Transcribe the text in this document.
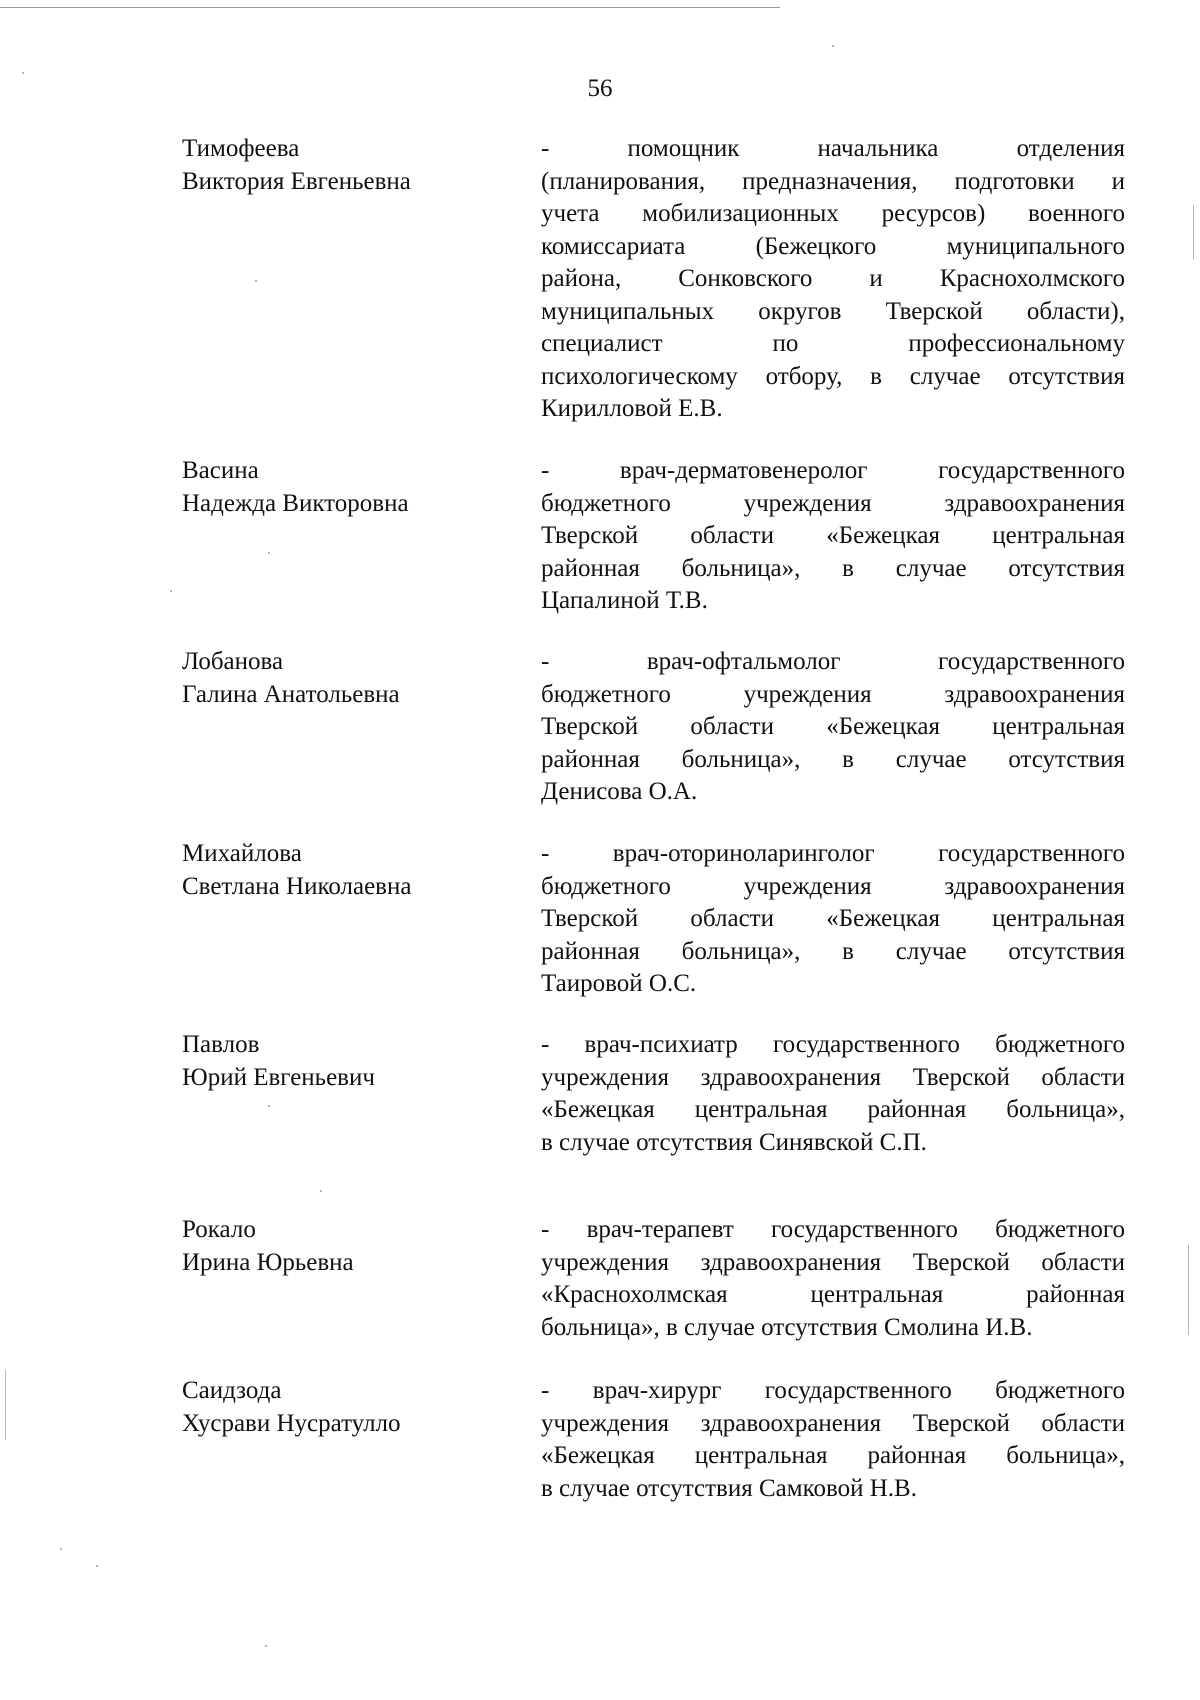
56
Тимофеева
Виктория Евгеньевна
- помощник начальника отделения
(планирования, предназначения, подготовки и
учета мобилизационных ресурсов) военного
комиссариата (Бежецкого муниципального
района, Сонковского и Краснохолмского
муниципальных округов Тверской области),
специалист по профессиональному
психологическому отбору, в случае отсутствия
Кирилловой Е.В.
Васина
Надежда Викторовна
- врач-дерматовенеролог государственного
бюджетного учреждения здравоохранения
Тверской области «Бежецкая центральная
районная больница», в случае отсутствия
Цапалиной Т.В.
Лобанова
Галина Анатольевна
- врач-офтальмолог государственного
бюджетного учреждения здравоохранения
Тверской области «Бежецкая центральная
районная больница», в случае отсутствия
Денисова О.А.
Михайлова
Светлана Николаевна
- врач-оториноларинголог государственного
бюджетного учреждения здравоохранения
Тверской области «Бежецкая центральная
районная больница», в случае отсутствия
Таировой О.С.
Павлов
Юрий Евгеньевич
- врач-психиатр государственного бюджетного
учреждения здравоохранения Тверской области
«Бежецкая центральная районная больница»,
в случае отсутствия Синявской С.П.
Рокало
Ирина Юрьевна
- врач-терапевт государственного бюджетного
учреждения здравоохранения Тверской области
«Краснохолмская центральная районная
больница», в случае отсутствия Смолина И.В.
Саидзода
Хусрави Нусратулло
- врач-хирург государственного бюджетного
учреждения здравоохранения Тверской области
«Бежецкая центральная районная больница»,
в случае отсутствия Самковой Н.В.
